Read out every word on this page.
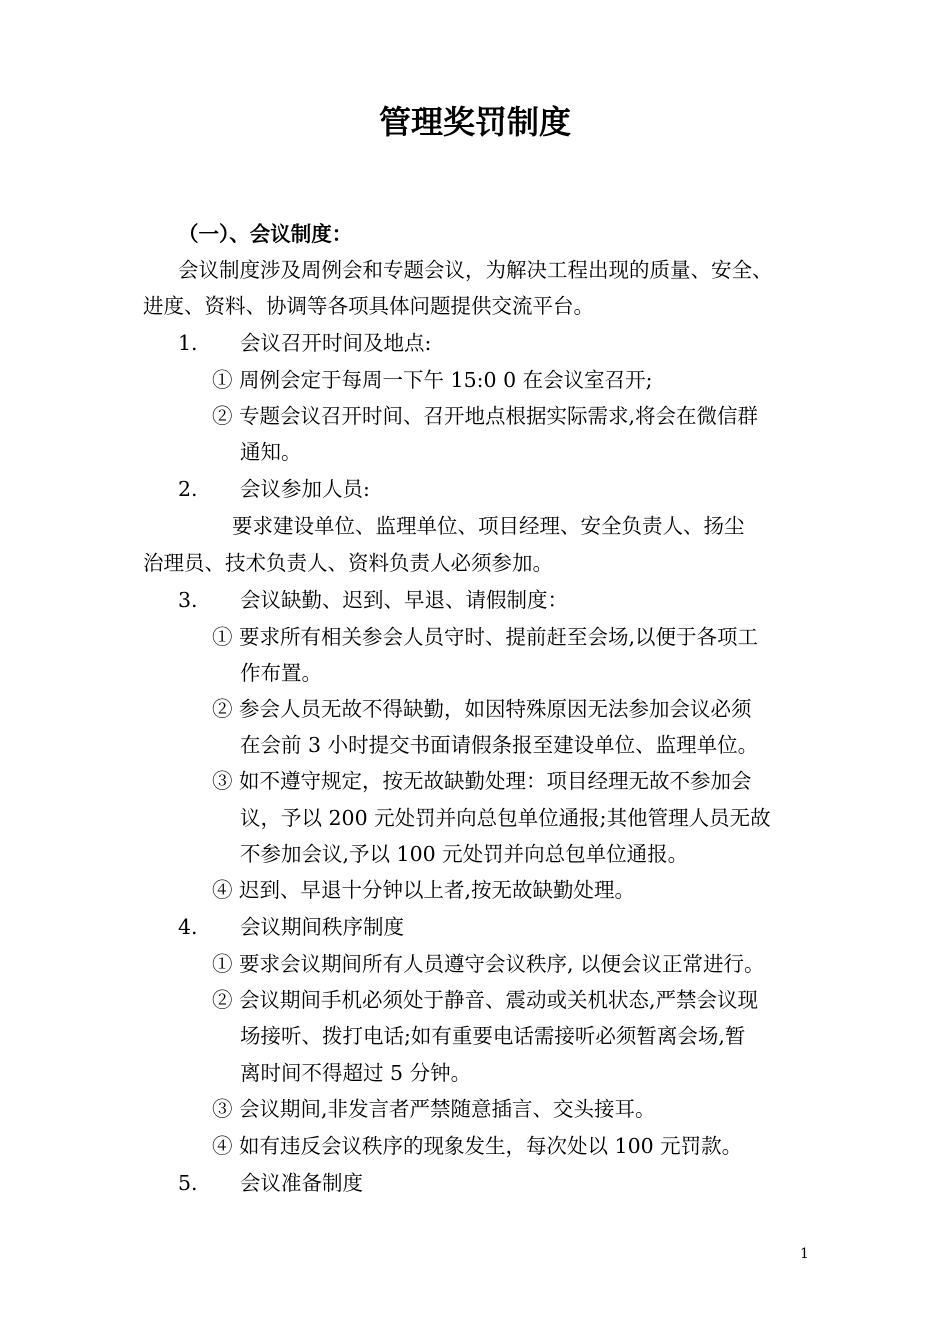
管理奖罚制度
（一）、会议制度：
会议制度涉及周例会和专题会议，为解决工程出现的质量、安全、
进度、资料、协调等各项具体问题提供交流平台。
1. 会议召开时间及地点:
① 周例会定于每周一下午 15:0 0 在会议室召开;
② 专题会议召开时间、召开地点根据实际需求,将会在微信群
通知。
2. 会议参加人员:
要求建设单位、监理单位、项目经理、安全负责人、扬尘
治理员、技术负责人、资料负责人必须参加。
3. 会议缺勤、迟到、早退、请假制度：
① 要求所有相关参会人员守时、提前赶至会场,以便于各项工
作布置。
② 参会人员无故不得缺勤，如因特殊原因无法参加会议必须
在会前 3 小时提交书面请假条报至建设单位、监理单位。
③ 如不遵守规定，按无故缺勤处理：项目经理无故不参加会
议，予以 200 元处罚并向总包单位通报;其他管理人员无故
不参加会议,予以 100 元处罚并向总包单位通报。
④ 迟到、早退十分钟以上者,按无故缺勤处理。
4. 会议期间秩序制度
① 要求会议期间所有人员遵守会议秩序, 以便会议正常进行。
② 会议期间手机必须处于静音、震动或关机状态,严禁会议现
场接听、拨打电话;如有重要电话需接听必须暂离会场,暂
离时间不得超过 5 分钟。
③ 会议期间,非发言者严禁随意插言、交头接耳。
④ 如有违反会议秩序的现象发生，每次处以 100 元罚款。
5. 会议准备制度
1
